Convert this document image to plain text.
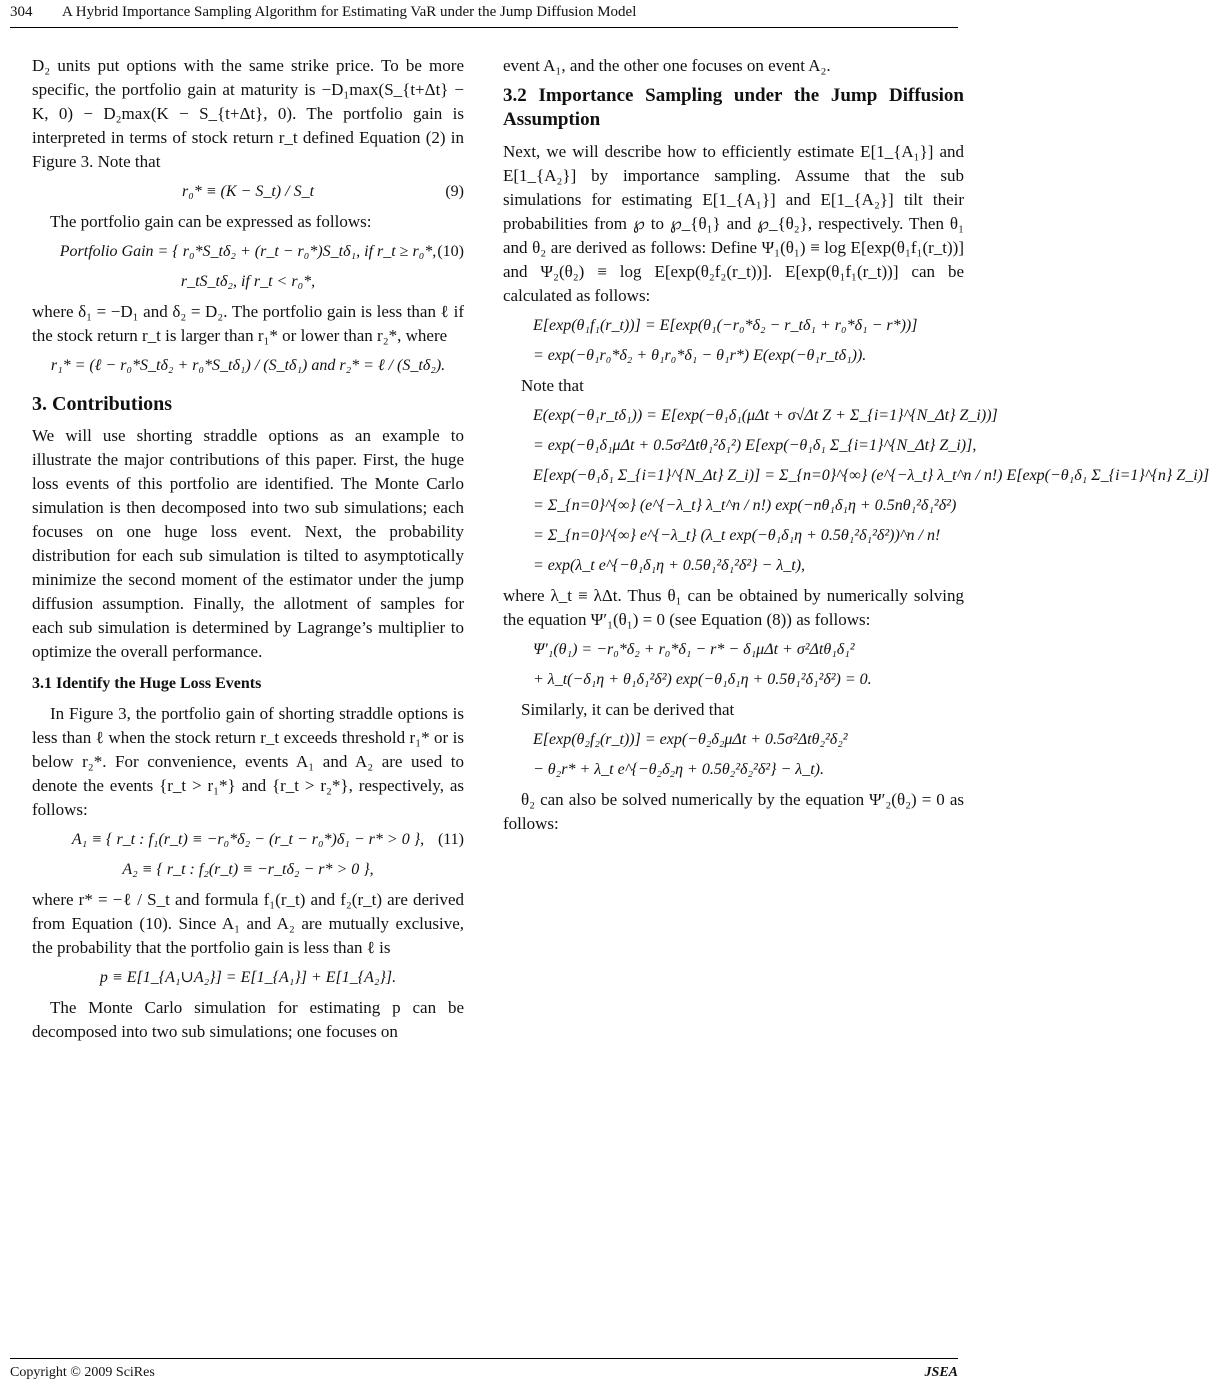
304 A Hybrid Importance Sampling Algorithm for Estimating VaR under the Jump Diffusion Model

D₂ units put options with the same strike price. To be more specific, the portfolio gain at maturity is −D₁max(S_{t+Δt} − K, 0) − D₂max(K − S_{t+Δt}, 0). The portfolio gain is interpreted in terms of stock return r_t defined Equation (2) in Figure 3. Note that

r₀* ≡ (K − S_t) / S_t	(9)

The portfolio gain can be expressed as follows:

Portfolio Gain = { r₀*S_tδ₂ + (r_t − r₀*)S_tδ₁, if r_t ≥ r₀*, (10)
r_tS_tδ₂, if r_t < r₀*,

where δ₁ = −D₁ and δ₂ = D₂. The portfolio gain is less than ℓ if the stock return r_t is larger than r₁* or lower than r₂*, where

r₁* = (ℓ − r₀*S_tδ₂ + r₀*S_tδ₁) / (S_tδ₁) and r₂* = ℓ / (S_tδ₂).
3. Contributions

We will use shorting straddle options as an example to illustrate the major contributions of this paper. First, the huge loss events of this portfolio are identified. The Monte Carlo simulation is then decomposed into two sub simulations; each focuses on one huge loss event. Next, the probability distribution for each sub simulation is tilted to asymptotically minimize the second moment of the estimator under the jump diffusion assumption. Finally, the allotment of samples for each sub simulation is determined by Lagrange’s multiplier to optimize the overall performance.

3.1 Identify the Huge Loss Events

In Figure 3, the portfolio gain of shorting straddle options is less than ℓ when the stock return r_t exceeds threshold r₁* or is below r₂*. For convenience, events A₁ and A₂ are used to denote the events {r_t > r₁*} and {r_t > r₂*}, respectively, as follows:

A₁ ≡ { r_t : f₁(r_t) ≡ −r₀*δ₂ − (r_t − r₀*)δ₁ − r* > 0 }, (11)
A₂ ≡ { r_t : f₂(r_t) ≡ −r_tδ₂ − r* > 0 },

where r* = −ℓ / S_t and formula f₁(r_t) and f₂(r_t) are derived from Equation (10). Since A₁ and A₂ are mutually exclusive, the probability that the portfolio gain is less than ℓ is

p ≡ E[1_{A₁∪A₂}] = E[1_{A₁}] + E[1_{A₂}].

The Monte Carlo simulation for estimating p can be decomposed into two sub simulations; one focuses on

event A₁, and the other one focuses on event A₂.

3.2 Importance Sampling under the Jump Diffusion Assumption

Next, we will describe how to efficiently estimate E[1_{A₁}] and E[1_{A₂}] by importance sampling. Assume that the sub simulations for estimating E[1_{A₁}] and E[1_{A₂}] tilt their probabilities from ℘ to ℘_{θ₁} and ℘_{θ₂}, respectively. Then θ₁ and θ₂ are derived as follows: Define Ψ₁(θ₁) ≡ log E[exp(θ₁f₁(r_t))] and Ψ₂(θ₂) ≡ log E[exp(θ₂f₂(r_t))]. E[exp(θ₁f₁(r_t))] can be calculated as follows:

E[exp(θ₁f₁(r_t))] = E[exp(θ₁(−r₀*δ₂ − r_tδ₁ + r₀*δ₁ − r*))]
= exp(−θ₁r₀*δ₂ + θ₁r₀*δ₁ − θ₁r*) E(exp(−θ₁r_tδ₁)).

Note that

E(exp(−θ₁r_tδ₁)) = E[exp(−θ₁δ₁(μΔt + σ√Δt Z + Σ_{i=1}^{N_Δt} Z_i))]
= exp(−θ₁δ₁μΔt + 0.5σ²Δtθ₁²δ₁²) E[exp(−θ₁δ₁ Σ_{i=1}^{N_Δt} Z_i)],
E[exp(−θ₁δ₁ Σ_{i=1}^{N_Δt} Z_i)] = Σ_{n=0}^{∞} (e^{−λ_t} λ_t^n / n!) E[exp(−θ₁δ₁ Σ_{i=1}^{n} Z_i)]
= Σ_{n=0}^{∞} (e^{−λ_t} λ_t^n / n!) exp(−nθ₁δ₁η + 0.5nθ₁²δ₁²δ²)
= Σ_{n=0}^{∞} e^{−λ_t} (λ_t exp(−θ₁δ₁η + 0.5θ₁²δ₁²δ²))^n / n!
= exp(λ_t e^{−θ₁δ₁η + 0.5θ₁²δ₁²δ²} − λ_t),

where λ_t ≡ λΔt. Thus θ₁ can be obtained by numerically solving the equation Ψ′₁(θ₁) = 0 (see Equation (8)) as follows:

Ψ′₁(θ₁) = −r₀*δ₂ + r₀*δ₁ − r* − δ₁μΔt + σ²Δtθ₁δ₁²
+ λ_t(−δ₁η + θ₁δ₁²δ²) exp(−θ₁δ₁η + 0.5θ₁²δ₁²δ²) = 0.

Similarly, it can be derived that

E[exp(θ₂f₂(r_t))] = exp(−θ₂δ₂μΔt + 0.5σ²Δtθ₂²δ₂²
− θ₂r* + λ_t e^{−θ₂δ₂η + 0.5θ₂²δ₂²δ²} − λ_t).

θ₂ can also be solved numerically by the equation Ψ′₂(θ₂) = 0 as follows:

Copyright © 2009 SciRes	JSEA
